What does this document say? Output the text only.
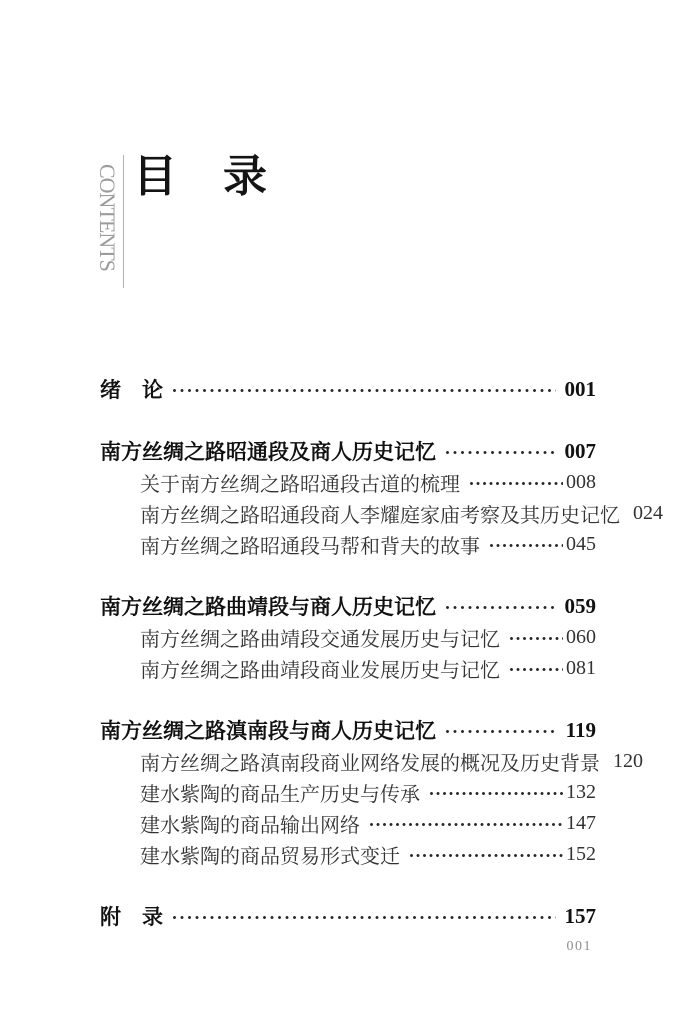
CONTENTS 目　录
绪　论	001
南方丝绸之路昭通段及商人历史记忆	007
关于南方丝绸之路昭通段古道的梳理	008
南方丝绸之路昭通段商人李耀庭家庙考察及其历史记忆 024
南方丝绸之路昭通段马帮和背夫的故事	045
南方丝绸之路曲靖段与商人历史记忆	059
南方丝绸之路曲靖段交通发展历史与记忆	060
南方丝绸之路曲靖段商业发展历史与记忆	081
南方丝绸之路滇南段与商人历史记忆	119
南方丝绸之路滇南段商业网络发展的概况及历史背景 120
建水紫陶的商品生产历史与传承	132
建水紫陶的商品输出网络	147
建水紫陶的商品贸易形式变迁	152
附　录	157
001
